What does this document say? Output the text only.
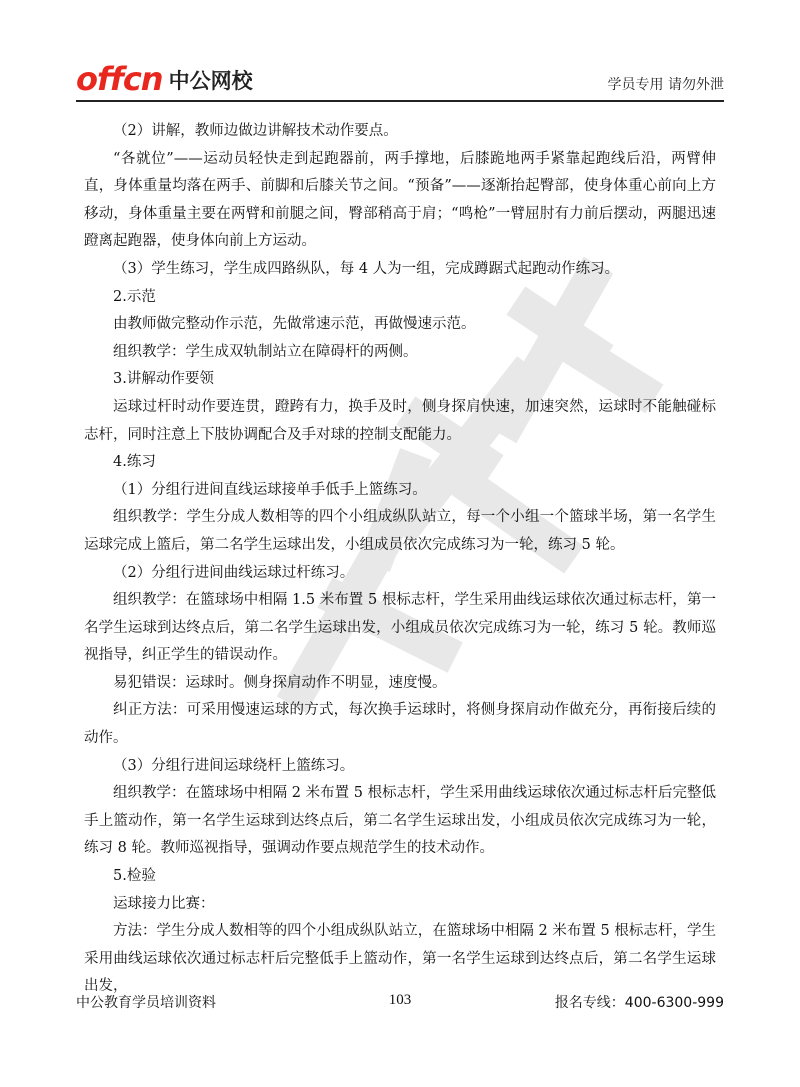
offcn 中公网校	学员专用 请勿外泄

（2）讲解，教师边做边讲解技术动作要点。

“各就位”——运动员轻快走到起跑器前，两手撑地，后膝跪地两手紧靠起跑线后沿，两臂伸直，身体重量均落在两手、前脚和后膝关节之间。“预备”——逐渐抬起臀部，使身体重心前向上方移动，身体重量主要在两臂和前腿之间，臀部稍高于肩；“鸣枪”一臂屈肘有力前后摆动，两腿迅速蹬离起跑器，使身体向前上方运动。

（3）学生练习，学生成四路纵队，每 4 人为一组，完成蹲踞式起跑动作练习。

2.示范

由教师做完整动作示范，先做常速示范，再做慢速示范。

组织教学：学生成双轨制站立在障碍杆的两侧。

3.讲解动作要领

运球过杆时动作要连贯，蹬跨有力，换手及时，侧身探肩快速，加速突然，运球时不能触碰标志杆，同时注意上下肢协调配合及手对球的控制支配能力。

4.练习

（1）分组行进间直线运球接单手低手上篮练习。

组织教学：学生分成人数相等的四个小组成纵队站立，每一个小组一个篮球半场，第一名学生运球完成上篮后，第二名学生运球出发，小组成员依次完成练习为一轮，练习 5 轮。

（2）分组行进间曲线运球过杆练习。

组织教学：在篮球场中相隔 1.5 米布置 5 根标志杆，学生采用曲线运球依次通过标志杆，第一名学生运球到达终点后，第二名学生运球出发，小组成员依次完成练习为一轮，练习 5 轮。教师巡视指导，纠正学生的错误动作。

易犯错误：运球时。侧身探肩动作不明显，速度慢。

纠正方法：可采用慢速运球的方式，每次换手运球时，将侧身探肩动作做充分，再衔接后续的动作。

（3）分组行进间运球绕杆上篮练习。

组织教学：在篮球场中相隔 2 米布置 5 根标志杆，学生采用曲线运球依次通过标志杆后完整低手上篮动作，第一名学生运球到达终点后，第二名学生运球出发，小组成员依次完成练习为一轮，练习 8 轮。教师巡视指导，强调动作要点规范学生的技术动作。

5.检验

运球接力比赛：

方法：学生分成人数相等的四个小组成纵队站立，在篮球场中相隔 2 米布置 5 根标志杆，学生采用曲线运球依次通过标志杆后完整低手上篮动作，第一名学生运球到达终点后，第二名学生运球出发，

中公教育学员培训资料	103	报名专线：400-6300-999
